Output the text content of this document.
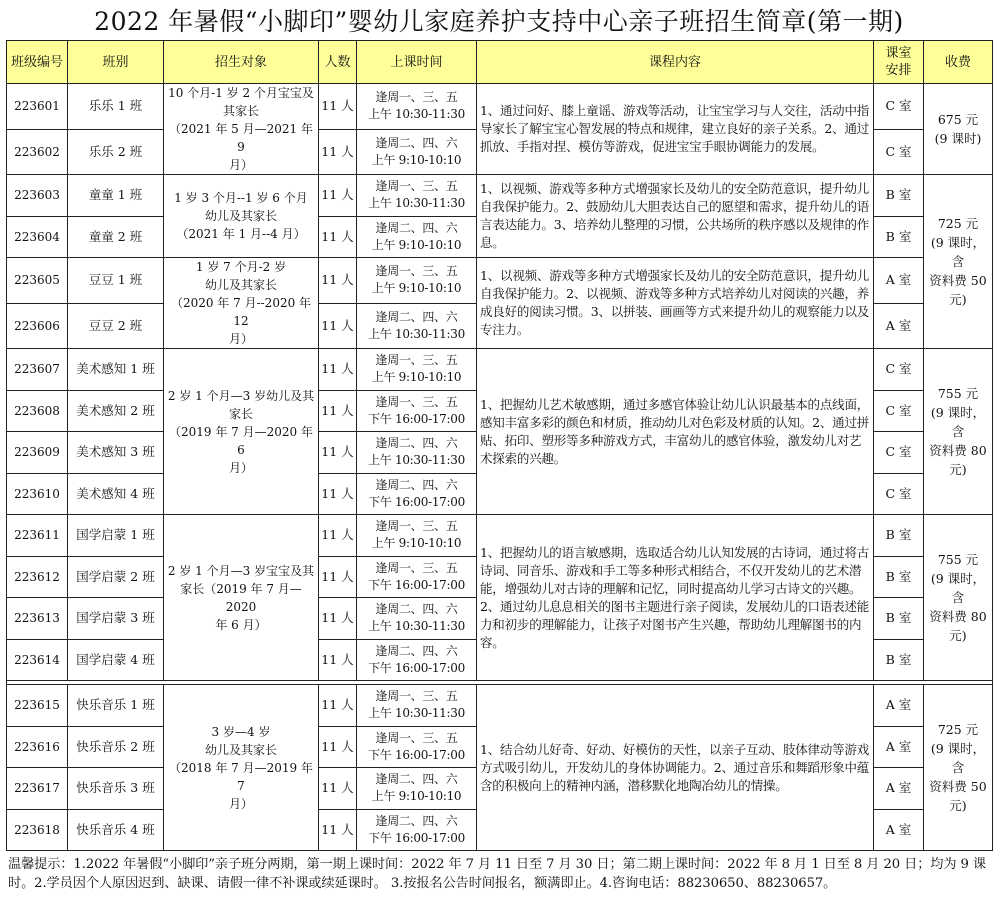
2022 年暑假“小脚印”婴幼儿家庭养护支持中心亲子班招生简章(第一期)
班级编号	班别	招生对象	人数	上课时间	课程内容	课室
安排	收费
223601	乐乐 1 班	10 个月-1 岁 2 个月宝宝及
其家长
（2021 年 5 月—2021 年 9
月）	11 人	逢周一、三、五
上午 10:30-11:30	1、通过问好、膝上童谣、游戏等活动，让宝宝学习与人交往，活动中指导家长了解宝宝心智发展的特点和规律，建立良好的亲子关系。2、通过抓放、手指对捏、模仿等游戏，促进宝宝手眼协调能力的发展。	C 室	675 元
(9 课时)

223602	乐乐 2 班		11 人	逢周二、四、六
上午 9:10-10:10		C 室	
223603	童童 1 班	1 岁 3 个月--1 岁 6 个月
幼儿及其家长
（2021 年 1 月--4 月）	11 人	逢周一、三、五
上午 10:30-11:30	1、以视频、游戏等多种方式增强家长及幼儿的安全防范意识，提升幼儿自我保护能力。2、鼓励幼儿大胆表达自己的愿望和需求，提升幼儿的语言表达能力。3、培养幼儿整理的习惯，公共场所的秩序感以及规律的作息。	B 室	725 元
(9 课时，含
资料费 50
元)

223604	童童 2 班		11 人	逢周二、四、六
上午 9:10-10:10		B 室	
223605	豆豆 1 班	1 岁 7 个月-2 岁
幼儿及其家长
（2020 年 7 月--2020 年 12
月）	11 人	逢周一、三、五
上午 9:10-10:10	1、以视频、游戏等多种方式增强家长及幼儿的安全防范意识，提升幼儿自我保护能力。2、以视频、游戏等多种方式培养幼儿对阅读的兴趣，养成良好的阅读习惯。3、以拼装、画画等方式来提升幼儿的观察能力以及专注力。	A 室	
223606	豆豆 2 班		11 人	逢周二、四、六
上午 10:30-11:30		A 室	
223607	美术感知 1 班	2 岁 1 个月—3 岁幼儿及其
家长
（2019 年 7 月—2020 年 6
月）	11 人	逢周一、三、五
上午 9:10-10:10	1、把握幼儿艺术敏感期，通过多感官体验让幼儿认识最基本的点线面，感知丰富多彩的颜色和材质，推动幼儿对色彩及材质的认知。2、通过拼贴、拓印、塑形等多种游戏方式，丰富幼儿的感官体验，激发幼儿对艺术探索的兴趣。	C 室	755 元
(9 课时，含
资料费 80
元)

223608	美术感知 2 班		11 人	逢周一、三、五
下午 16:00-17:00		C 室	
223609	美术感知 3 班		11 人	逢周二、四、六
上午 10:30-11:30		C 室	
223610	美术感知 4 班		11 人	逢周二、四、六
下午 16:00-17:00		C 室	
223611	国学启蒙 1 班	2 岁 1 个月—3 岁宝宝及其
家长（2019 年 7 月—2020
年 6 月）	11 人	逢周一、三、五
上午 9:10-10:10	1、把握幼儿的语言敏感期，选取适合幼儿认知发展的古诗词，通过将古诗词、同音乐、游戏和手工等多种形式相结合，不仅开发幼儿的艺术潜能，增强幼儿对古诗的理解和记忆，同时提高幼儿学习古诗文的兴趣。
2、通过幼儿息息相关的图书主题进行亲子阅读，发展幼儿的口语表述能力和初步的理解能力，让孩子对图书产生兴趣，帮助幼儿理解图书的内容。	B 室	755 元
(9 课时，含
资料费 80
元)

223612	国学启蒙 2 班		11 人	逢周一、三、五
下午 16:00-17:00		B 室	
223613	国学启蒙 3 班		11 人	逢周二、四、六
上午 10:30-11:30		B 室	
223614	国学启蒙 4 班		11 人	逢周二、四、六
下午 16:00-17:00		B 室	

223615	快乐音乐 1 班	3 岁—4 岁
幼儿及其家长
（2018 年 7 月—2019 年 7
月）	11 人	逢周一、三、五
上午 10:30-11:30	1、结合幼儿好奇、好动、好模仿的天性，以亲子互动、肢体律动等游戏方式吸引幼儿，开发幼儿的身体协调能力。2、通过音乐和舞蹈形象中蕴含的积极向上的精神内涵，潜移默化地陶冶幼儿的情操。	A 室	725 元
(9 课时，含
资料费 50
元)

223616	快乐音乐 2 班		11 人	逢周一、三、五
下午 16:00-17:00		A 室	
223617	快乐音乐 3 班		11 人	逢周二、四、六
上午 9:10-10:10		A 室	
223618	快乐音乐 4 班		11 人	逢周二、四、六
下午 16:00-17:00		A 室	
温馨提示：1.2022 年暑假“小脚印”亲子班分两期，第一期上课时间：2022 年 7 月 11 日至 7 月 30 日；第二期上课时间：2022 年 8 月 1 日至 8 月 20 日；均为 9 课时。2.学员因个人原因迟到、缺课、请假一律不补课或续延课时。 3.按报名公告时间报名，额满即止。4.咨询电话：88230650、88230657。
